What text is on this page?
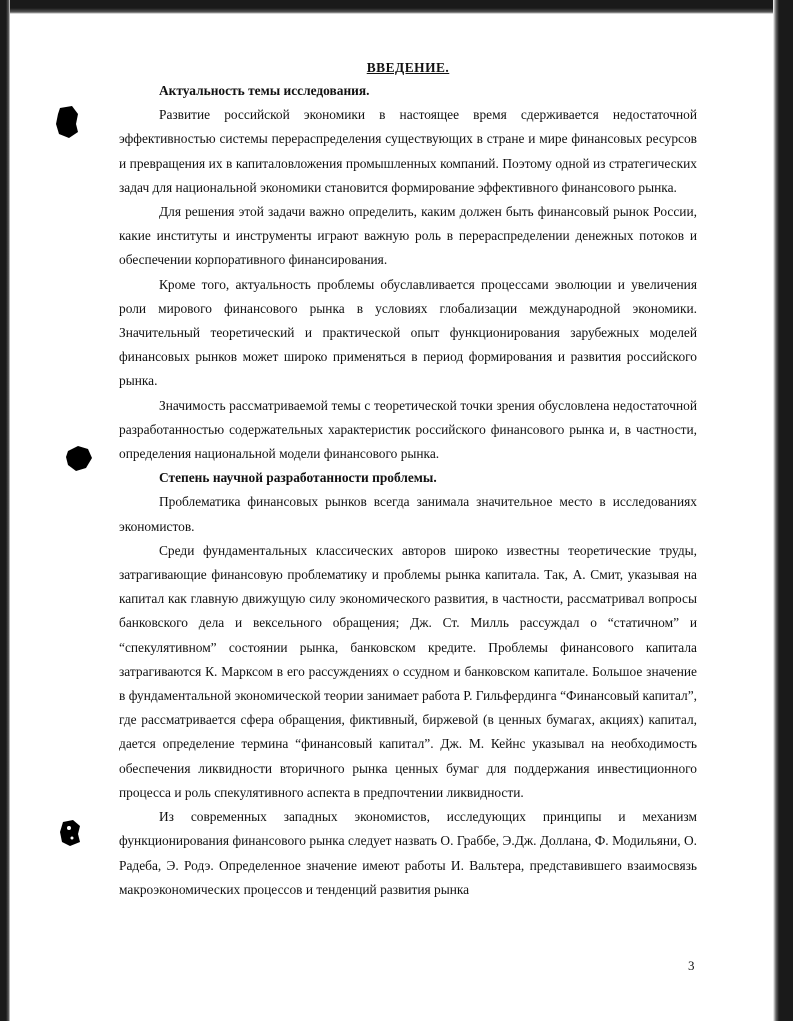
ВВЕДЕНИЕ.
Актуальность темы исследования.

Развитие российской экономики в настоящее время сдерживается недостаточной эффективностью системы перераспределения существующих в стране и мире финансовых ресурсов и превращения их в капиталовложения промышленных компаний. Поэтому одной из стратегических задач для национальной экономики становится формирование эффективного финансового рынка.

Для решения этой задачи важно определить, каким должен быть финансовый рынок России, какие институты и инструменты играют важную роль в перераспределении денежных потоков и обеспечении корпоративного финансирования.

Кроме того, актуальность проблемы обуславливается процессами эволюции и увеличения роли мирового финансового рынка в условиях глобализации международной экономики. Значительный теоретический и практической опыт функционирования зарубежных моделей финансовых рынков может широко применяться в период формирования и развития российского рынка.

Значимость рассматриваемой темы с теоретической точки зрения обусловлена недостаточной разработанностью содержательных характеристик российского финансового рынка и, в частности, определения национальной модели финансового рынка.

Степень научной разработанности проблемы.

Проблематика финансовых рынков всегда занимала значительное место в исследованиях экономистов.

Среди фундаментальных классических авторов широко известны теоретические труды, затрагивающие финансовую проблематику и проблемы рынка капитала. Так, А. Смит, указывая на капитал как главную движущую силу экономического развития, в частности, рассматривал вопросы банковского дела и вексельного обращения; Дж. Ст. Милль рассуждал о “статичном” и “спекулятивном” состоянии рынка, банковском кредите. Проблемы финансового капитала затрагиваются К. Марксом в его рассуждениях о ссудном и банковском капитале. Большое значение в фундаментальной экономической теории занимает работа Р. Гильфердинга “Финансовый капитал”, где рассматривается сфера обращения, фиктивный, биржевой (в ценных бумагах, акциях) капитал, дается определение термина “финансовый капитал”. Дж. М. Кейнс указывал на необходимость обеспечения ликвидности вторичного рынка ценных бумаг для поддержания инвестиционного процесса и роль спекулятивного аспекта в предпочтении ликвидности.

Из современных западных экономистов, исследующих принципы и механизм функционирования финансового рынка следует назвать О. Граббе, Э.Дж. Доллана, Ф. Модильяни, О. Радеба, Э. Родэ. Определенное значение имеют работы И. Вальтера, представившего взаимосвязь макроэкономических процессов и тенденций развития рынка

3
